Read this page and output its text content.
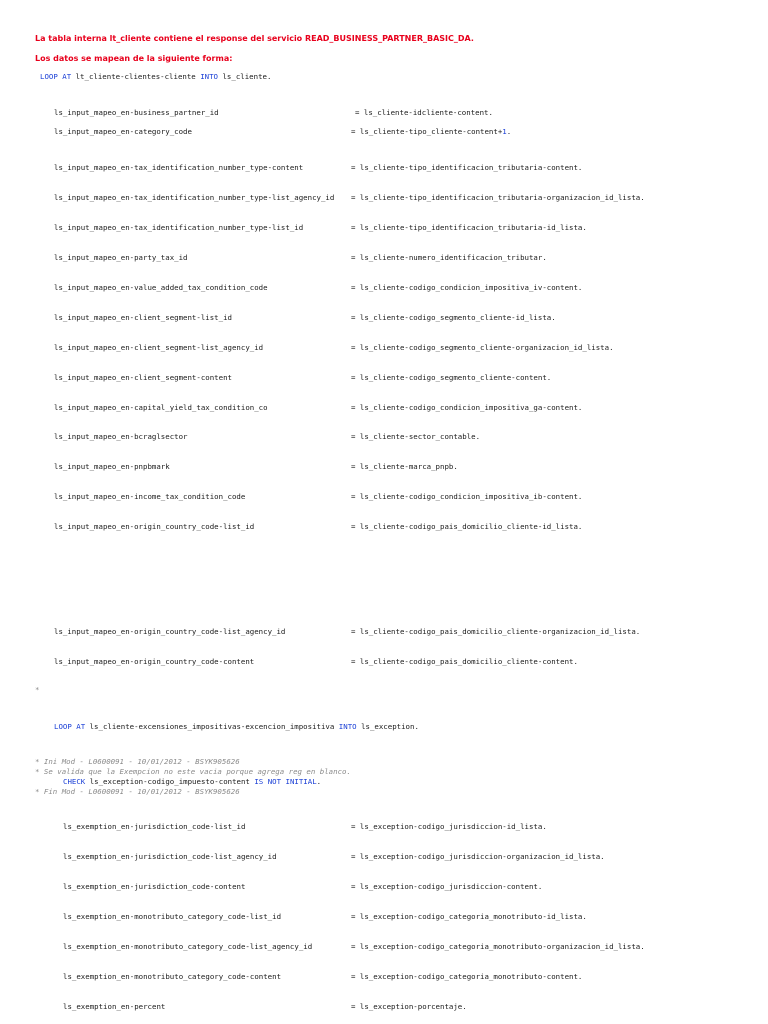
La tabla interna lt_cliente contiene el response del servicio READ_BUSINESS_PARTNER_BASIC_DA.
Los datos se mapean de la siguiente forma:
LOOP AT lt_cliente-clientes-cliente INTO ls_cliente.

ls_input_mapeo_en-business_partner_id

	= ls_cliente-idcliente-content.

ls_input_mapeo_en-category_code

	= ls_cliente-tipo_cliente-content+1.

ls_input_mapeo_en-tax_identification_number_type-content

	= ls_cliente-tipo_identificacion_tributaria-content.

ls_input_mapeo_en-tax_identification_number_type-list_agency_id

= ls_cliente-tipo_identificacion_tributaria-organizacion_id_lista.

ls_input_mapeo_en-tax_identification_number_type-list_id

	= ls_cliente-tipo_identificacion_tributaria-id_lista.

ls_input_mapeo_en-party_tax_id

	= ls_cliente-numero_identificacion_tributar.

ls_input_mapeo_en-value_added_tax_condition_code

	= ls_cliente-codigo_condicion_impositiva_iv-content.

ls_input_mapeo_en-client_segment-list_id

	= ls_cliente-codigo_segmento_cliente-id_lista.

ls_input_mapeo_en-client_segment-list_agency_id

	= ls_cliente-codigo_segmento_cliente-organizacion_id_lista.

ls_input_mapeo_en-client_segment-content

	= ls_cliente-codigo_segmento_cliente-content.

ls_input_mapeo_en-capital_yield_tax_condition_co

	= ls_cliente-codigo_condicion_impositiva_ga-content.

ls_input_mapeo_en-bcraglsector

	= ls_cliente-sector_contable.

ls_input_mapeo_en-pnpbmark

	= ls_cliente-marca_pnpb.

ls_input_mapeo_en-income_tax_condition_code

	= ls_cliente-codigo_condicion_impositiva_ib-content.

ls_input_mapeo_en-origin_country_code-list_id

	= ls_cliente-codigo_pais_domicilio_cliente-id_lista.

ls_input_mapeo_en-origin_country_code-list_agency_id

	= ls_cliente-codigo_pais_domicilio_cliente-organizacion_id_lista.

ls_input_mapeo_en-origin_country_code-content

	= ls_cliente-codigo_pais_domicilio_cliente-content.

*
LOOP AT ls_cliente-excensiones_impositivas-excencion_impositiva INTO ls_exception.
* Ini Mod - L0600091 - 10/01/2012 - BSYK905626
* Se valida que la Exempcion no este vacia porque agrega reg en blanco.
CHECK ls_exception-codigo_impuesto-content IS NOT INITIAL.
* Fin Mod - L0600091 - 10/01/2012 - BSYK905626

ls_exemption_en-jurisdiction_code-list_id

	= ls_exception-codigo_jurisdiccion-id_lista.

ls_exemption_en-jurisdiction_code-list_agency_id

	= ls_exception-codigo_jurisdiccion-organizacion_id_lista.

ls_exemption_en-jurisdiction_code-content

	= ls_exception-codigo_jurisdiccion-content.

ls_exemption_en-monotributo_category_code-list_id

	= ls_exception-codigo_categoria_monotributo-id_lista.

ls_exemption_en-monotributo_category_code-list_agency_id

	= ls_exception-codigo_categoria_monotributo-organizacion_id_lista.

ls_exemption_en-monotributo_category_code-content

	= ls_exception-codigo_categoria_monotributo-content.

ls_exemption_en-percent

	= ls_exception-porcentaje.
